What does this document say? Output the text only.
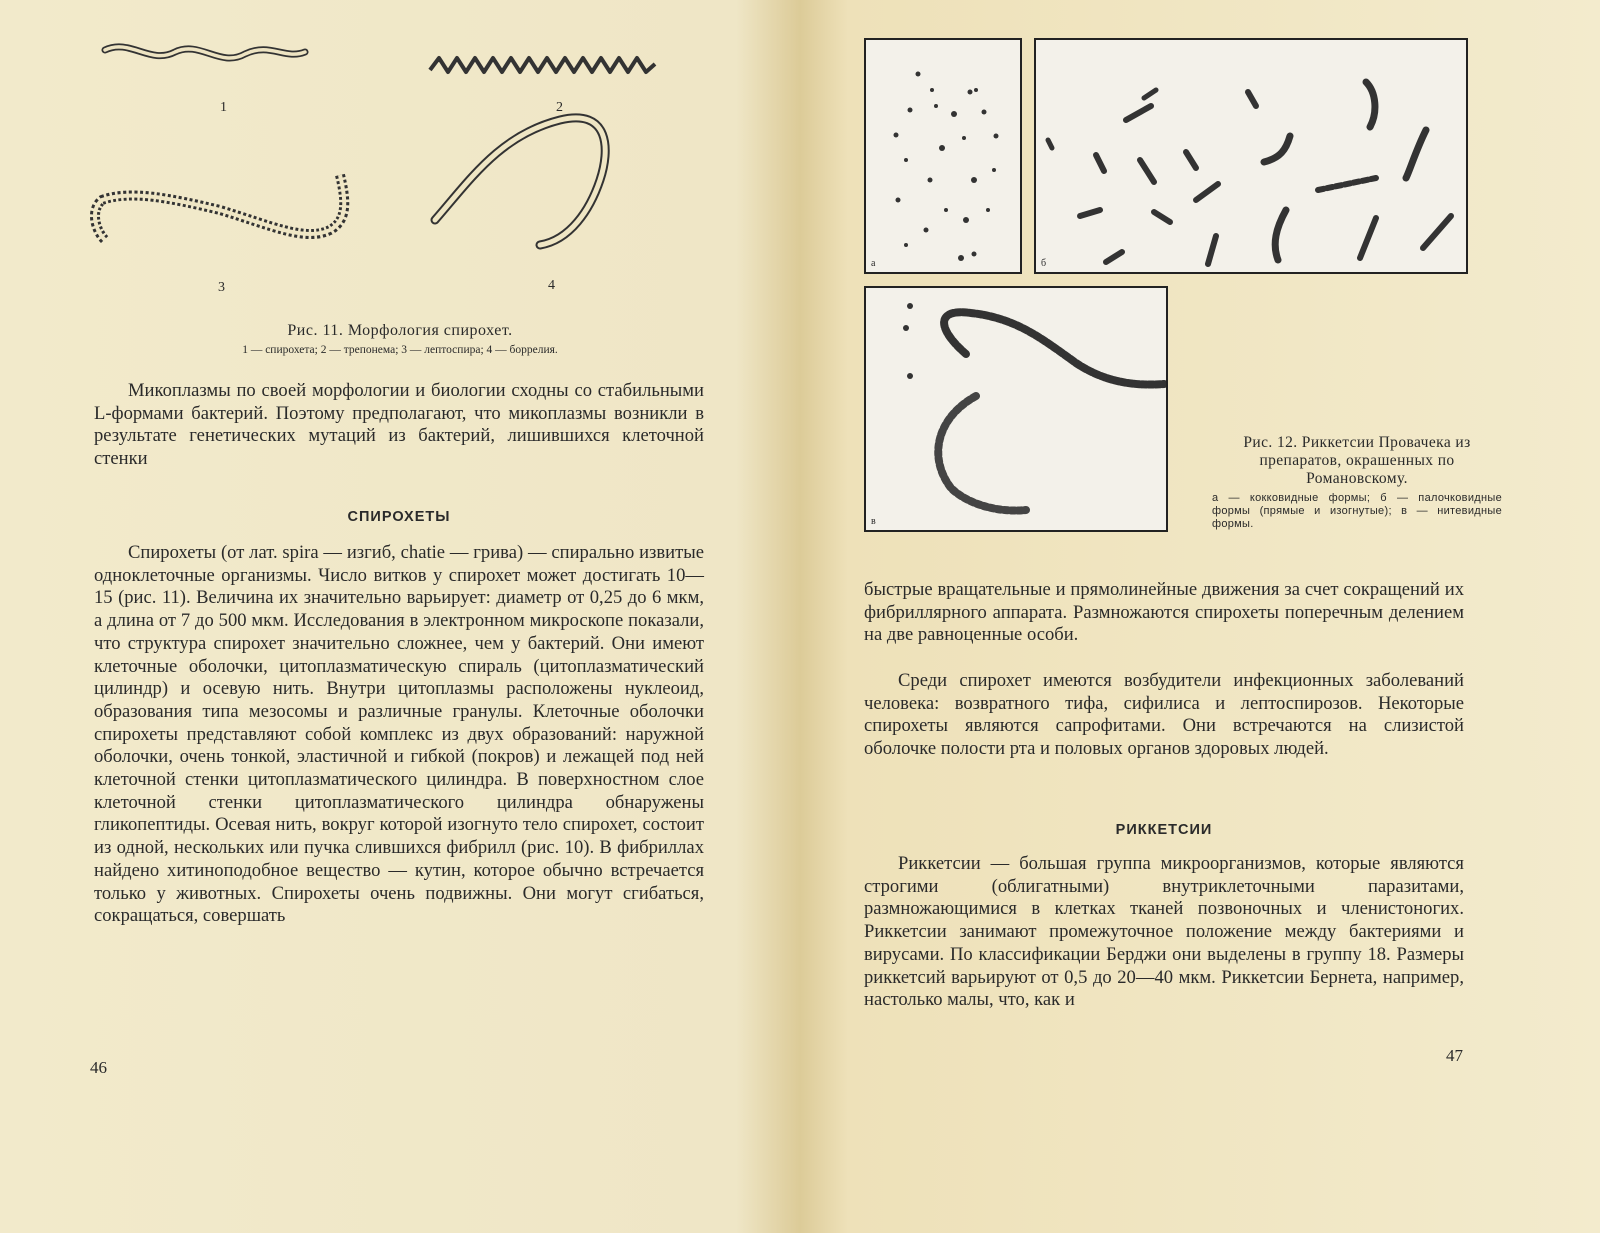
1	2
3	4
Рис. 11. Морфология спирохет.
1 — спирохета; 2 — трепонема; 3 — лептоспира; 4 — боррелия.

Микоплазмы по своей морфологии и биологии сходны со стабильными L-формами бактерий. Поэтому предполагают, что микоплазмы возникли в результате генетических мутаций из бактерий, лишившихся клеточной стенки

СПИРОХЕТЫ

Спирохеты (от лат. spira — изгиб, chatie — грива) — спирально извитые одноклеточные организмы. Число витков у спирохет может достигать 10—15 (рис. 11). Величина их значительно варьирует: диаметр от 0,25 до 6 мкм, а длина от 7 до 500 мкм. Исследования в электронном микроскопе показали, что структура спирохет значительно сложнее, чем у бактерий. Они имеют клеточные оболочки, цитоплазматическую спираль (цитоплазматический цилиндр) и осевую нить. Внутри цитоплазмы расположены нуклеоид, образования типа мезосомы и различные гранулы. Клеточные оболочки спирохеты представляют собой комплекс из двух образований: наружной оболочки, очень тонкой, эластичной и гибкой (покров) и лежащей под ней клеточной стенки цитоплазматического цилиндра. В поверхностном слое клеточной стенки цитоплазматического цилиндра обнаружены гликопептиды. Осевая нить, вокруг которой изогнуто тело спирохет, состоит из одной, нескольких или пучка слившихся фибрилл (рис. 10). В фибриллах найдено хитиноподобное вещество — кутин, которое обычно встречается только у животных. Спирохеты очень подвижны. Они могут сгибаться, сокращаться, совершать

46
а	б
в
Рис. 12. Риккетсии Провачека из препаратов, окрашенных по Романовскому.
а — кокковидные формы; б — палочковидные формы (прямые и изогнутые); в — нитевидные формы.

быстрые вращательные и прямолинейные движения за счет сокращений их фибриллярного аппарата. Размножаются спирохеты поперечным делением на две равноценные особи.

Среди спирохет имеются возбудители инфекционных заболеваний человека: возвратного тифа, сифилиса и лептоспирозов. Некоторые спирохеты являются сапрофитами. Они встречаются на слизистой оболочке полости рта и половых органов здоровых людей.

РИККЕТСИИ

Риккетсии — большая группа микроорганизмов, которые являются строгими (облигатными) внутриклеточными паразитами, размножающимися в клетках тканей позвоночных и членистоногих. Риккетсии занимают промежуточное положение между бактериями и вирусами. По классификации Берджи они выделены в группу 18. Размеры риккетсий варьируют от 0,5 до 20—40 мкм. Риккетсии Бернета, например, настолько малы, что, как и

47
